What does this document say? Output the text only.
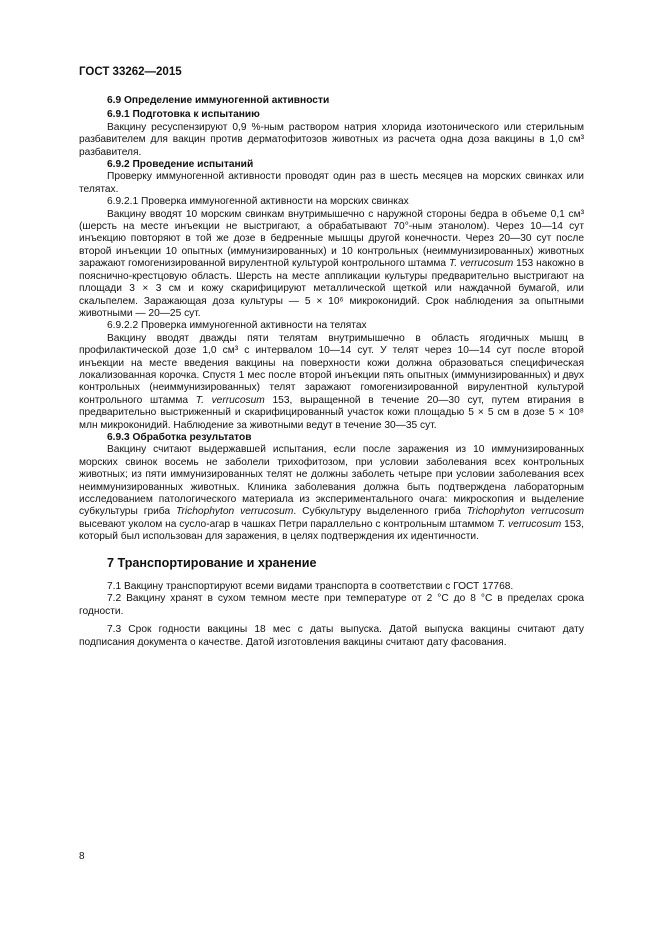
ГОСТ 33262—2015

6.9 Определение иммуногенной активности

6.9.1 Подготовка к испытанию

Вакцину ресуспензируют 0,9 %-ным раствором натрия хлорида изотонического или стерильным разбавителем для вакцин против дерматофитозов животных из расчета одна доза вакцины в 1,0 см³ разбавителя.

6.9.2 Проведение испытаний

Проверку иммуногенной активности проводят один раз в шесть месяцев на морских свинках или телятах.

6.9.2.1 Проверка иммуногенной активности на морских свинках

Вакцину вводят 10 морским свинкам внутримышечно с наружной стороны бедра в объеме 0,1 см³ (шерсть на месте инъекции не выстригают, а обрабатывают 70°-ным этанолом). Через 10—14 сут инъекцию повторяют в той же дозе в бедренные мышцы другой конечности. Через 20—30 сут после второй инъекции 10 опытных (иммунизированных) и 10 контрольных (неиммунизированных) животных заражают гомогенизированной вирулентной культурой контрольного штамма T. verrucosum 153 накожно в пояснично-крестцовую область. Шерсть на месте аппликации культуры предварительно выстригают на площади 3 × 3 см и кожу скарифицируют металлической щеткой или наждачной бумагой, или скальпелем. Заражающая доза культуры — 5 × 10⁶ микроконидий. Срок наблюдения за опытными животными — 20—25 сут.

6.9.2.2 Проверка иммуногенной активности на телятах

Вакцину вводят дважды пяти телятам внутримышечно в область ягодичных мышц в профилактической дозе 1,0 см³ с интервалом 10—14 сут. У телят через 10—14 сут после второй инъекции на месте введения вакцины на поверхности кожи должна образоваться специфическая локализованная корочка. Спустя 1 мес после второй инъекции пять опытных (иммунизированных) и двух контрольных (неиммунизированных) телят заражают гомогенизированной вирулентной культурой контрольного штамма T. verrucosum 153, выращенной в течение 20—30 сут, путем втирания в предварительно выстриженный и скарифицированный участок кожи площадью 5 × 5 см в дозе 5 × 10⁸ млн микроконидий. Наблюдение за животными ведут в течение 30—35 сут.

6.9.3 Обработка результатов

Вакцину считают выдержавшей испытания, если после заражения из 10 иммунизированных морских свинок восемь не заболели трихофитозом, при условии заболевания всех контрольных животных; из пяти иммунизированных телят не должны заболеть четыре при условии заболевания всех неиммунизированных животных. Клиника заболевания должна быть подтверждена лабораторным исследованием патологического материала из экспериментального очага: микроскопия и выделение субкультуры гриба Trichophyton verrucosum. Субкультуру выделенного гриба Trichophyton verrucosum высевают уколом на сусло-агар в чашках Петри параллельно с контрольным штаммом T. verrucosum 153, который был использован для заражения, в целях подтверждения их идентичности.

7 Транспортирование и хранение

7.1 Вакцину транспортируют всеми видами транспорта в соответствии с ГОСТ 17768.

7.2 Вакцину хранят в сухом темном месте при температуре от 2 °С до 8 °С в пределах срока годности.

7.3 Срок годности вакцины 18 мес с даты выпуска. Датой выпуска вакцины считают дату подписания документа о качестве. Датой изготовления вакцины считают дату фасования.

8
